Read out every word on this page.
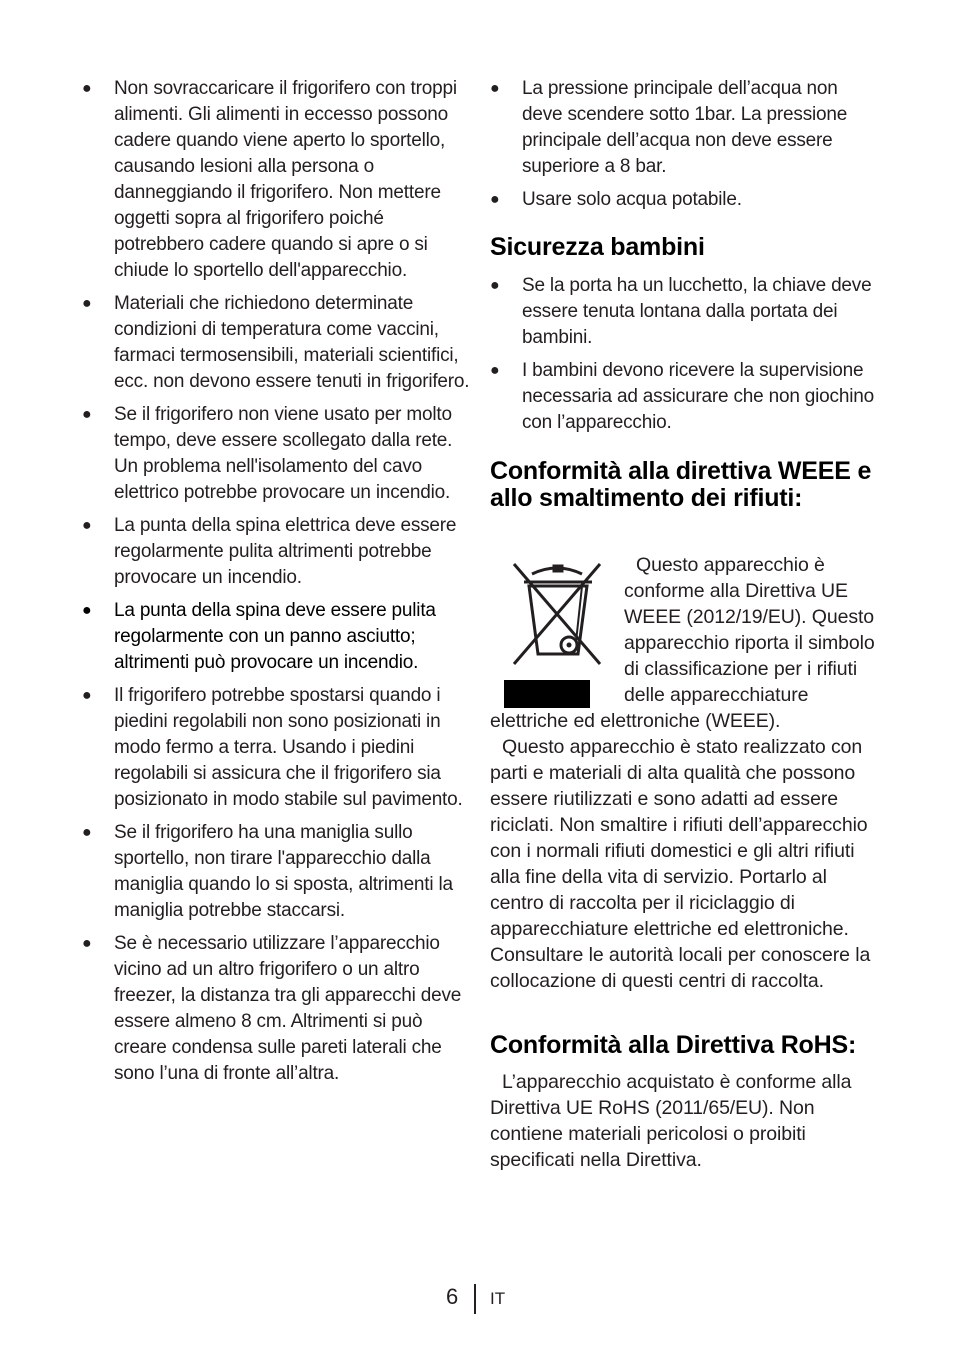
● Non sovraccaricare il frigorifero con troppi alimenti. Gli alimenti in eccesso possono cadere quando viene aperto lo sportello, causando lesioni alla persona o danneggiando il frigorifero. Non mettere oggetti sopra al frigorifero poiché potrebbero cadere quando si apre o si chiude lo sportello dell'apparecchio.
● Materiali che richiedono determinate condizioni di temperatura come vaccini, farmaci termosensibili, materiali scientifici, ecc. non devono essere tenuti in frigorifero.
● Se il frigorifero non viene usato per molto tempo, deve essere scollegato dalla rete. Un problema nell'isolamento del cavo elettrico potrebbe provocare un incendio.
● La punta della spina elettrica deve essere regolarmente pulita altrimenti potrebbe provocare un incendio.
● La punta della spina deve essere pulita regolarmente con un panno asciutto; altrimenti può provocare un incendio.
● Il frigorifero potrebbe spostarsi quando i piedini regolabili non sono posizionati in modo fermo a terra. Usando i piedini regolabili si assicura che il frigorifero sia posizionato in modo stabile sul pavimento.
● Se il frigorifero ha una maniglia sullo sportello, non tirare l'apparecchio dalla maniglia quando lo si sposta, altrimenti la maniglia potrebbe staccarsi.
● Se è necessario utilizzare l’apparecchio vicino ad un altro frigorifero o un altro freezer, la distanza tra gli apparecchi deve essere almeno 8 cm. Altrimenti si può creare condensa sulle pareti laterali che sono l’una di fronte all’altra.
● La pressione principale dell’acqua non deve scendere sotto 1bar. La pressione principale dell’acqua non deve essere superiore a 8 bar.
● Usare solo acqua potabile.
Sicurezza bambini
● Se la porta ha un lucchetto, la chiave deve essere tenuta lontana dalla portata dei bambini.
● I bambini devono ricevere la supervisione necessaria ad assicurare che non giochino con l’apparecchio.
Conformità alla direttiva WEEE e allo smaltimento dei rifiuti:

Questo apparecchio è conforme alla Direttiva UE WEEE (2012/19/EU). Questo apparecchio riporta il simbolo di classificazione per i rifiuti delle apparecchiature elettriche ed elettroniche (WEEE).

Questo apparecchio è stato realizzato con parti e materiali di alta qualità che possono essere riutilizzati e sono adatti ad essere riciclati. Non smaltire i rifiuti dell’apparecchio con i normali rifiuti domestici e gli altri rifiuti alla fine della vita di servizio. Portarlo al centro di raccolta per il riciclaggio di apparecchiature elettriche ed elettroniche. Consultare le autorità locali per conoscere la collocazione di questi centri di raccolta.

Conformità alla Direttiva RoHS:

L’apparecchio acquistato è conforme alla Direttiva UE RoHS (2011/65/EU). Non contiene materiali pericolosi o proibiti specificati nella Direttiva.

6 IT
